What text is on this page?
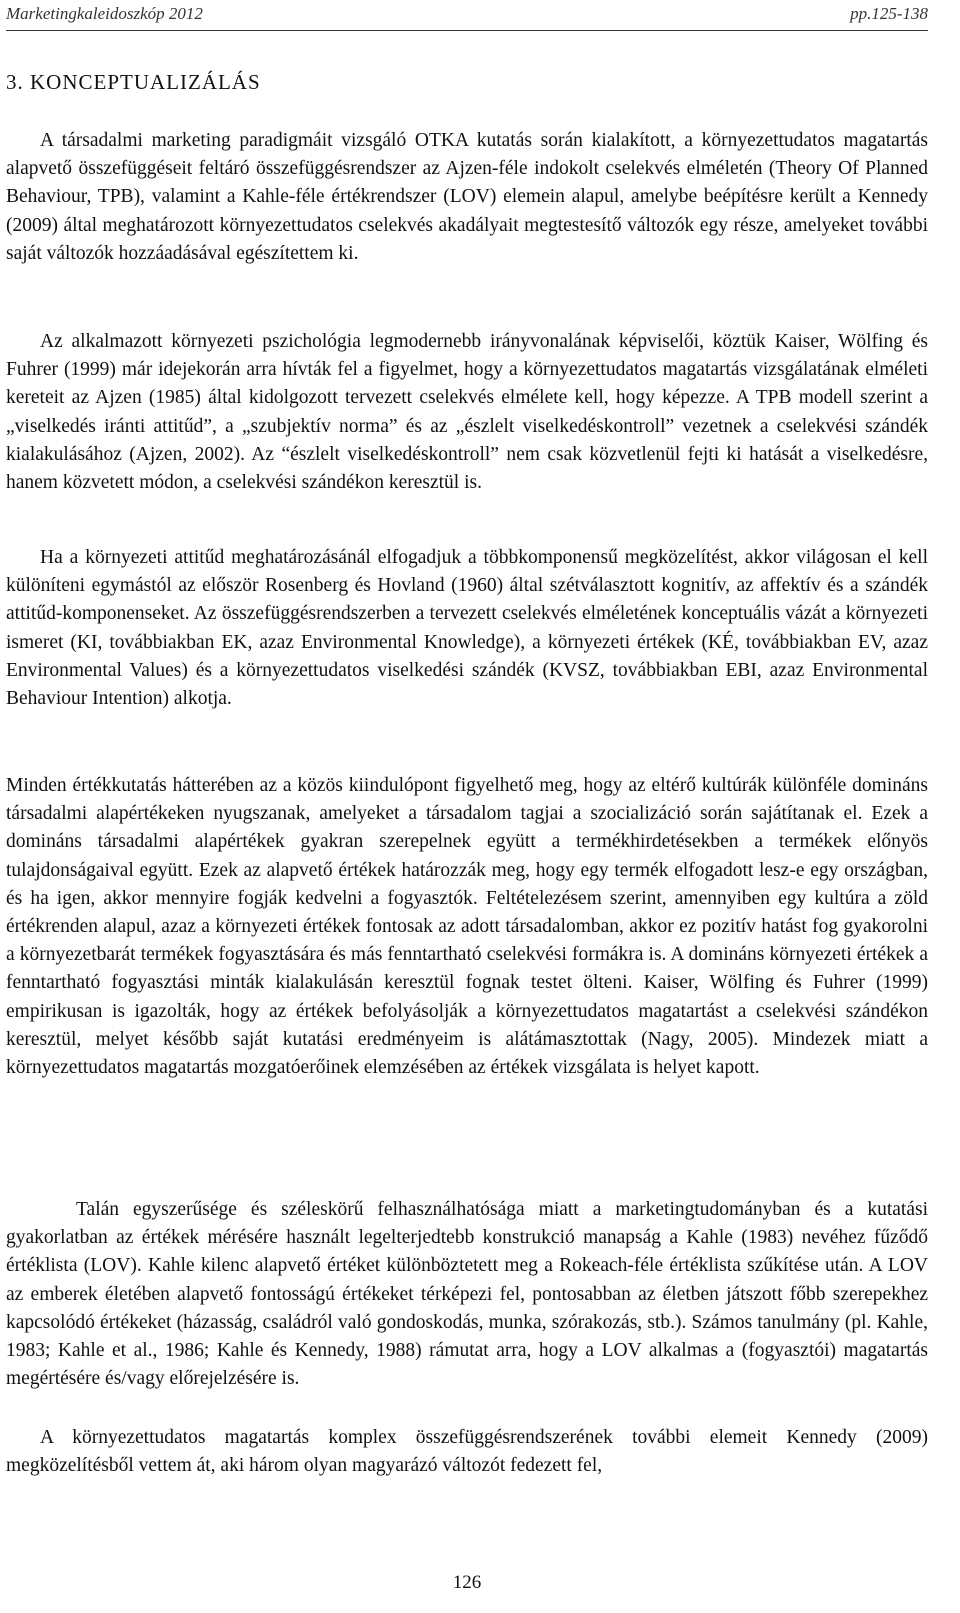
Marketingkaleidoszkóp 2012	pp.125-138
3. KONCEPTUALIZÁLÁS

A társadalmi marketing paradigmáit vizsgáló OTKA kutatás során kialakított, a környezettudatos magatartás alapvető összefüggéseit feltáró összefüggésrendszer az Ajzen-féle indokolt cselekvés elméletén (Theory Of Planned Behaviour, TPB), valamint a Kahle-féle értékrendszer (LOV) elemein alapul, amelybe beépítésre került a Kennedy (2009) által meghatározott környezettudatos cselekvés akadályait megtestesítő változók egy része, amelyeket további saját változók hozzáadásával egészítettem ki.

Az alkalmazott környezeti pszichológia legmodernebb irányvonalának képviselői, köztük Kaiser, Wölfing és Fuhrer (1999) már idejekorán arra hívták fel a figyelmet, hogy a környezettudatos magatartás vizsgálatának elméleti kereteit az Ajzen (1985) által kidolgozott tervezett cselekvés elmélete kell, hogy képezze. A TPB modell szerint a „viselkedés iránti attitűd”, a „szubjektív norma” és az „észlelt viselkedéskontroll” vezetnek a cselekvési szándék kialakulásához (Ajzen, 2002). Az “észlelt viselkedéskontroll” nem csak közvetlenül fejti ki hatását a viselkedésre, hanem közvetett módon, a cselekvési szándékon keresztül is.

Ha a környezeti attitűd meghatározásánál elfogadjuk a többkomponensű megközelítést, akkor világosan el kell különíteni egymástól az először Rosenberg és Hovland (1960) által szétválasztott kognitív, az affektív és a szándék attitűd-komponenseket. Az összefüggésrendszerben a tervezett cselekvés elméletének konceptuális vázát a környezeti ismeret (KI, továbbiakban EK, azaz Environmental Knowledge), a környezeti értékek (KÉ, továbbiakban EV, azaz Environmental Values) és a környezettudatos viselkedési szándék (KVSZ, továbbiakban EBI, azaz Environmental Behaviour Intention) alkotja.

Minden értékkutatás hátterében az a közös kiindulópont figyelhető meg, hogy az eltérő kultúrák különféle domináns társadalmi alapértékeken nyugszanak, amelyeket a társadalom tagjai a szocializáció során sajátítanak el. Ezek a domináns társadalmi alapértékek gyakran szerepelnek együtt a termékhirdetésekben a termékek előnyös tulajdonságaival együtt. Ezek az alapvető értékek határozzák meg, hogy egy termék elfogadott lesz-e egy országban, és ha igen, akkor mennyire fogják kedvelni a fogyasztók. Feltételezésem szerint, amennyiben egy kultúra a zöld értékrenden alapul, azaz a környezeti értékek fontosak az adott társadalomban, akkor ez pozitív hatást fog gyakorolni a környezetbarát termékek fogyasztására és más fenntartható cselekvési formákra is. A domináns környezeti értékek a fenntartható fogyasztási minták kialakulásán keresztül fognak testet ölteni. Kaiser, Wölfing és Fuhrer (1999) empirikusan is igazolták, hogy az értékek befolyásolják a környezettudatos magatartást a cselekvési szándékon keresztül, melyet később saját kutatási eredményeim is alátámasztottak (Nagy, 2005). Mindezek miatt a környezettudatos magatartás mozgatóerőinek elemzésében az értékek vizsgálata is helyet kapott.

Talán egyszerűsége és széleskörű felhasználhatósága miatt a marketingtudományban és a kutatási gyakorlatban az értékek mérésére használt legelterjedtebb konstrukció manapság a Kahle (1983) nevéhez fűződő értéklista (LOV). Kahle kilenc alapvető értéket különböztetett meg a Rokeach-féle értéklista szűkítése után. A LOV az emberek életében alapvető fontosságú értékeket térképezi fel, pontosabban az életben játszott főbb szerepekhez kapcsolódó értékeket (házasság, családról való gondoskodás, munka, szórakozás, stb.). Számos tanulmány (pl. Kahle, 1983; Kahle et al., 1986; Kahle és Kennedy, 1988) rámutat arra, hogy a LOV alkalmas a (fogyasztói) magatartás megértésére és/vagy előrejelzésére is.

A környezettudatos magatartás komplex összefüggésrendszerének további elemeit Kennedy (2009) megközelítésből vettem át, aki három olyan magyarázó változót fedezett fel,

126
